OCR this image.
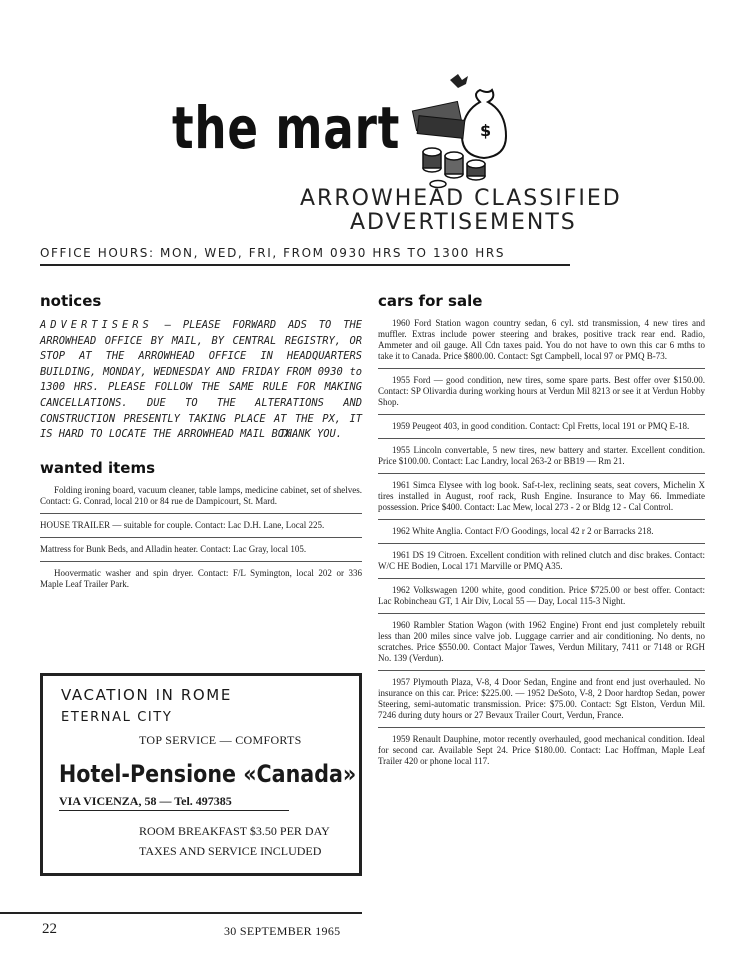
the mart	$
ARROWHEAD CLASSIFIED
ADVERTISEMENTS
OFFICE HOURS: MON, WED, FRI, FROM 0930 HRS TO 1300 HRS
notices
ADVERTISERS — PLEASE FORWARD ADS TO THE ARROWHEAD OFFICE BY MAIL, BY CENTRAL REGISTRY, OR STOP AT THE ARROWHEAD OFFICE IN HEADQUARTERS BUILDING, MONDAY, WEDNESDAY AND FRIDAY FROM 0930 to 1300 HRS. PLEASE FOLLOW THE SAME RULE FOR MAKING CANCELLATIONS. DUE TO THE ALTERATIONS AND CONSTRUCTION PRESENTLY TAKING PLACE AT THE PX, IT IS HARD TO LOCATE THE ARROWHEAD MAIL BOX.
THANK YOU.
wanted items
Folding ironing board, vacuum cleaner, table lamps, medicine cabinet, set of shelves. Contact: G. Conrad, local 210 or 84 rue de Dampicourt, St. Mard.
HOUSE TRAILER — suitable for couple. Contact: Lac D.H. Lane, Local 225.
Mattress for Bunk Beds, and Alladin heater. Contact: Lac Gray, local 105.
Hoovermatic washer and spin dryer. Contact: F/L Symington, local 202 or 336 Maple Leaf Trailer Park.
VACATION IN ROME
ETERNAL CITY
TOP SERVICE — COMFORTS
Hotel-Pensione «Canada»
VIA VICENZA, 58 — Tel. 497385
ROOM BREAKFAST $3.50 PER DAY
TAXES AND SERVICE INCLUDED
cars for sale
1960 Ford Station wagon country sedan, 6 cyl. std transmission, 4 new tires and muffler. Extras include power steering and brakes, positive track rear end. Radio, Ammeter and oil gauge. All Cdn taxes paid. You do not have to own this car 6 mths to take it to Canada. Price $800.00. Contact: Sgt Campbell, local 97 or PMQ B-73.
1955 Ford — good condition, new tires, some spare parts. Best offer over $150.00. Contact: SP Olivardia during working hours at Verdun Mil 8213 or see it at Verdun Hobby Shop.
1959 Peugeot 403, in good condition. Contact: Cpl Fretts, local 191 or PMQ E-18.
1955 Lincoln convertable, 5 new tires, new battery and starter. Excellent condition. Price $100.00. Contact: Lac Landry, local 263-2 or BB19 — Rm 21.
1961 Simca Elysee with log book. Saf-t-lex, reclining seats, seat covers, Michelin X tires installed in August, roof rack, Rush Engine. Insurance to May 66. Immediate possession. Price $400. Contact: Lac Mew, local 273 - 2 or Bldg 12 - Cal Control.
1962 White Anglia. Contact F/O Goodings, local 42 r 2 or Barracks 218.
1961 DS 19 Citroen. Excellent condition with relined clutch and disc brakes. Contact: W/C HE Bodien, Local 171 Marville or PMQ A35.
1962 Volkswagen 1200 white, good condition. Price $725.00 or best offer. Contact: Lac Robincheau GT, 1 Air Div, Local 55 — Day, Local 115-3 Night.
1960 Rambler Station Wagon (with 1962 Engine) Front end just completely rebuilt less than 200 miles since valve job. Luggage carrier and air conditioning. No dents, no scratches. Price $550.00. Contact Major Tawes, Verdun Military, 7411 or 7148 or RGH No. 139 (Verdun).
1957 Plymouth Plaza, V-8, 4 Door Sedan, Engine and front end just overhauled. No insurance on this car. Price: $225.00. — 1952 DeSoto, V-8, 2 Door hardtop Sedan, power Steering, semi-automatic transmission. Price: $75.00. Contact: Sgt Elston, Verdun Mil. 7246 during duty hours or 27 Bevaux Trailer Court, Verdun, France.
1959 Renault Dauphine, motor recently overhauled, good mechanical condition. Ideal for second car. Available Sept 24. Price $180.00. Contact: Lac Hoffman, Maple Leaf Trailer 420 or phone local 117.
22	30 SEPTEMBER 1965
